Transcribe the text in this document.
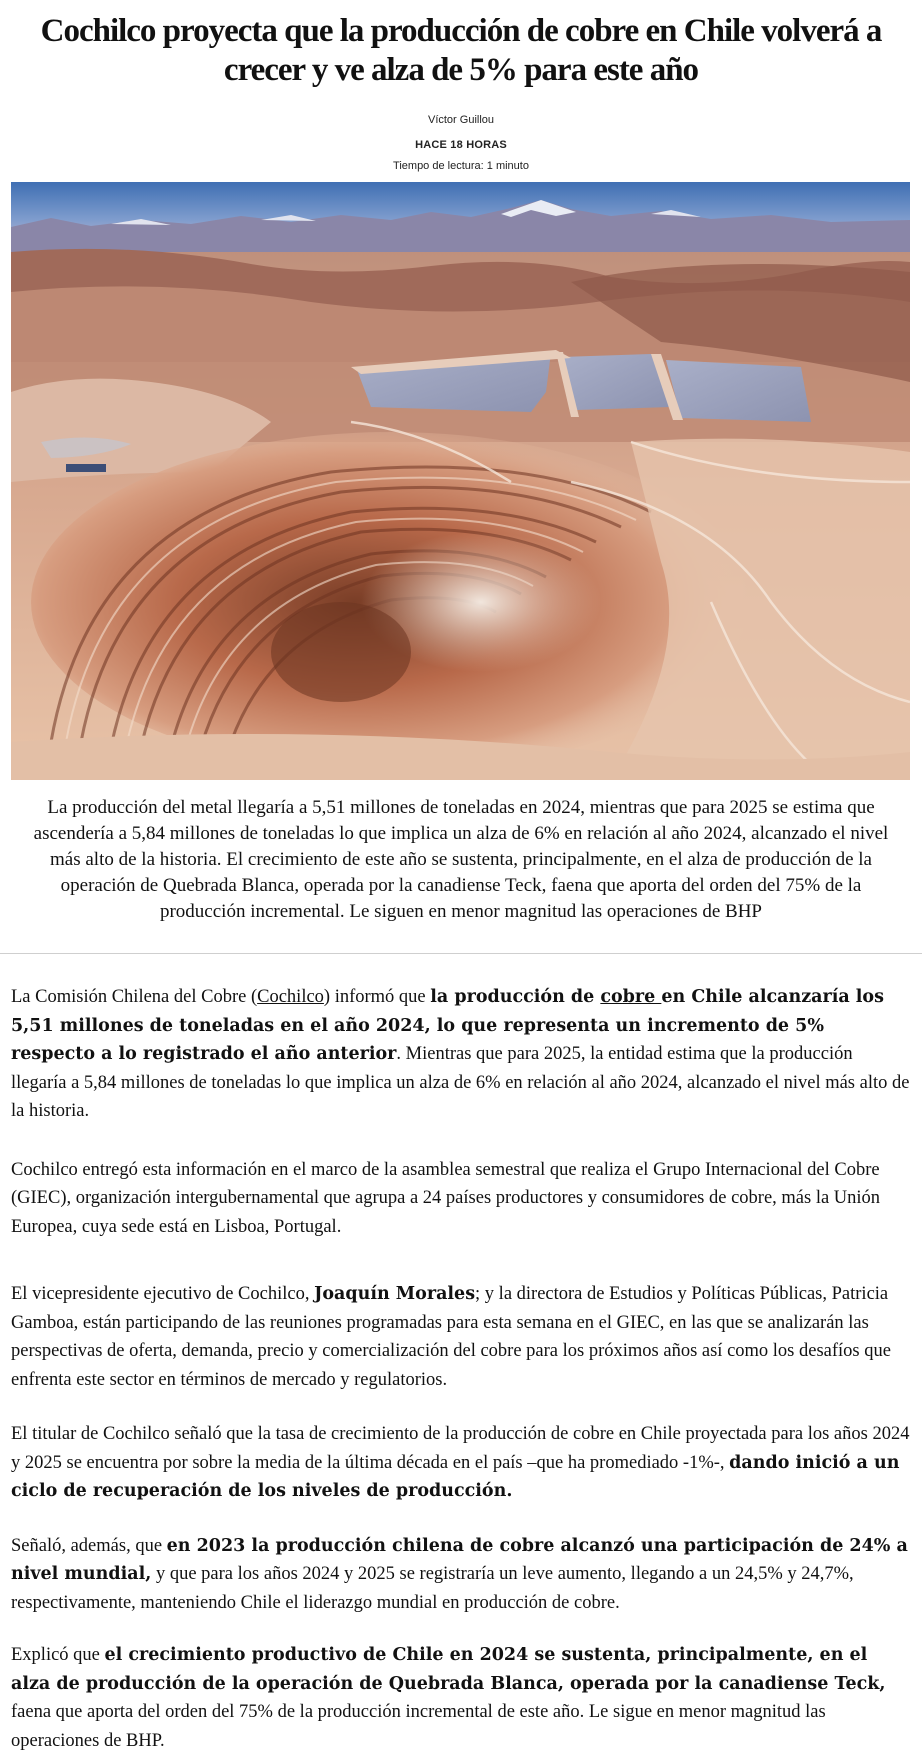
Cochilco proyecta que la producción de cobre en Chile volverá a crecer y ve alza de 5% para este año
Víctor Guillou
HACE 18 HORAS
Tiempo de lectura: 1 minuto

La producción del metal llegaría a 5,51 millones de toneladas en 2024, mientras que para 2025 se estima que ascendería a 5,84 millones de toneladas lo que implica un alza de 6% en relación al año 2024, alcanzado el nivel más alto de la historia. El crecimiento de este año se sustenta, principalmente, en el alza de producción de la operación de Quebrada Blanca, operada por la canadiense Teck, faena que aporta del orden del 75% de la producción incremental. Le siguen en menor magnitud las operaciones de BHP

La Comisión Chilena del Cobre (Cochilco) informó que la producción de cobre en Chile alcanzaría los 5,51 millones de toneladas en el año 2024, lo que representa un incremento de 5% respecto a lo registrado el año anterior. Mientras que para 2025, la entidad estima que la producción llegaría a 5,84 millones de toneladas lo que implica un alza de 6% en relación al año 2024, alcanzado el nivel más alto de la historia.

Cochilco entregó esta información en el marco de la asamblea semestral que realiza el Grupo Internacional del Cobre (GIEC), organización intergubernamental que agrupa a 24 países productores y consumidores de cobre, más la Unión Europea, cuya sede está en Lisboa, Portugal.

El vicepresidente ejecutivo de Cochilco, Joaquín Morales; y la directora de Estudios y Políticas Públicas, Patricia Gamboa, están participando de las reuniones programadas para esta semana en el GIEC, en las que se analizarán las perspectivas de oferta, demanda, precio y comercialización del cobre para los próximos años así como los desafíos que enfrenta este sector en términos de mercado y regulatorios.

El titular de Cochilco señaló que la tasa de crecimiento de la producción de cobre en Chile proyectada para los años 2024 y 2025 se encuentra por sobre la media de la última década en el país –que ha promediado -1%-, dando inició a un ciclo de recuperación de los niveles de producción.

Señaló, además, que en 2023 la producción chilena de cobre alcanzó una participación de 24% a nivel mundial, y que para los años 2024 y 2025 se registraría un leve aumento, llegando a un 24,5% y 24,7%, respectivamente, manteniendo Chile el liderazgo mundial en producción de cobre.

Explicó que el crecimiento productivo de Chile en 2024 se sustenta, principalmente, en el alza de producción de la operación de Quebrada Blanca, operada por la canadiense Teck, faena que aporta del orden del 75% de la producción incremental de este año. Le sigue en menor magnitud las operaciones de BHP.
